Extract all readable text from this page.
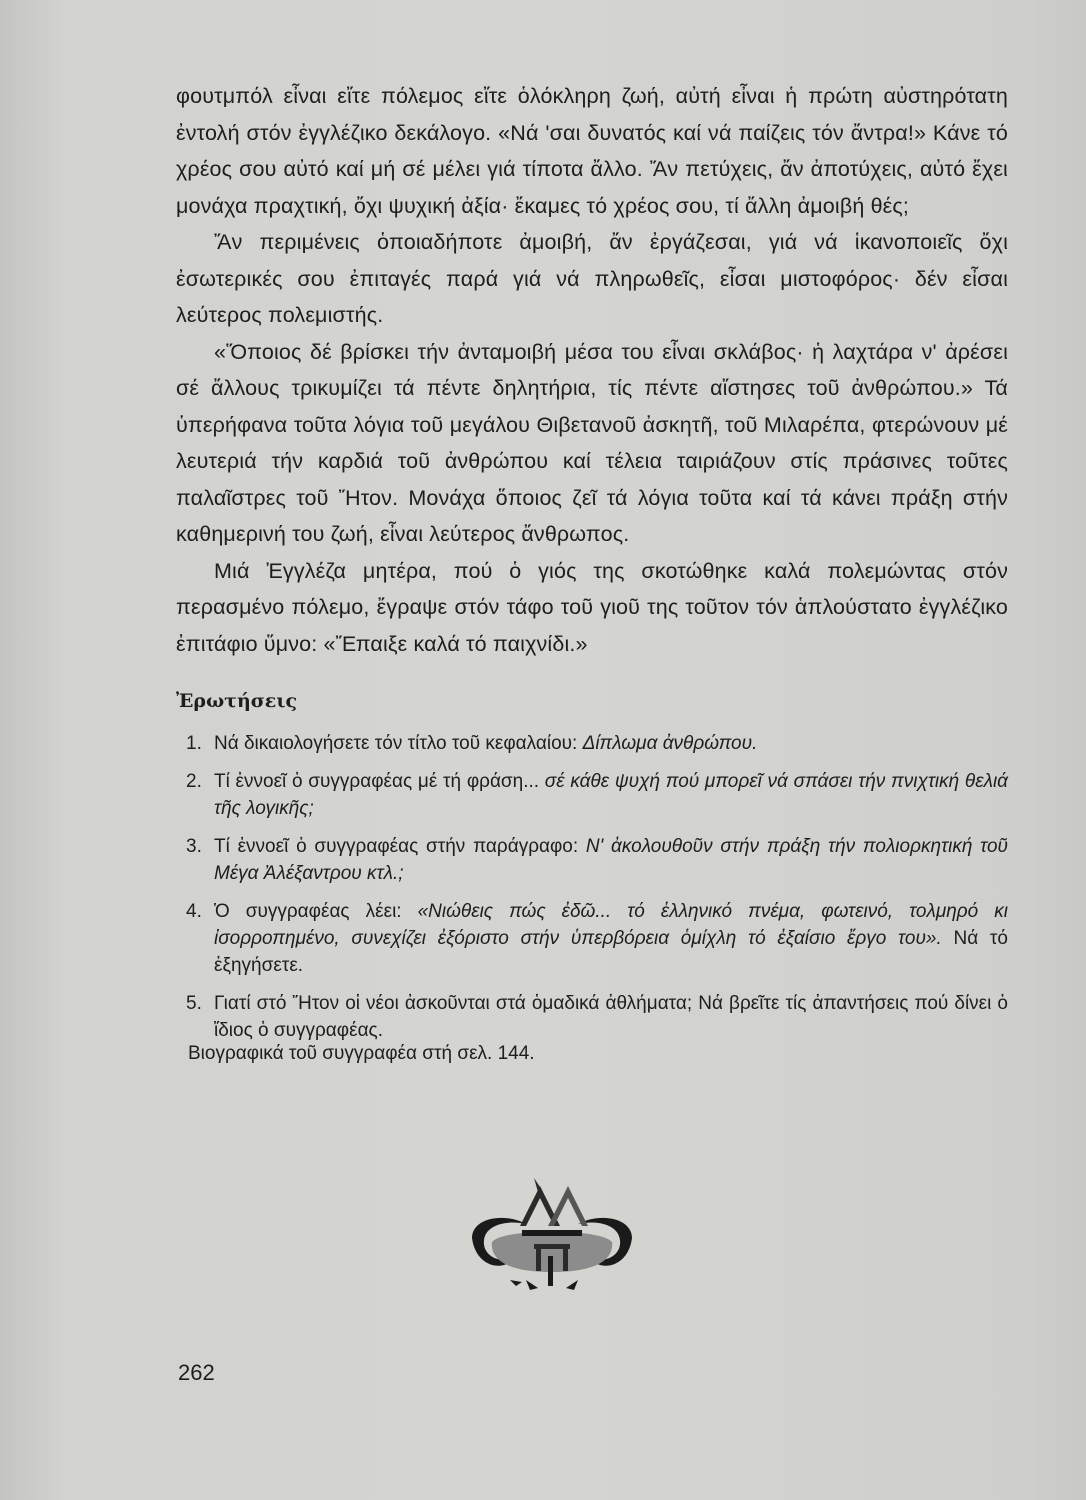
φουτμπόλ εἶναι εἴτε πόλεμος εἴτε ὁλόκληρη ζωή, αὐτή εἶναι ἡ πρώτη αὐστηρότατη ἐντολή στόν ἐγγλέζικο δεκάλογο. «Νά 'σαι δυνατός καί νά παίζεις τόν ἄντρα!» Κάνε τό χρέος σου αὐτό καί μή σέ μέλει γιά τίποτα ἄλλο. Ἄν πετύχεις, ἄν ἀποτύχεις, αὐτό ἔχει μονάχα πραχτική, ὄχι ψυχική ἀξία· ἔκαμες τό χρέος σου, τί ἄλλη ἀμοιβή θές;

Ἄν περιμένεις ὁποιαδήποτε ἀμοιβή, ἄν ἐργάζεσαι, γιά νά ἱκανοποιεῖς ὄχι ἐσωτερικές σου ἐπιταγές παρά γιά νά πληρωθεῖς, εἶσαι μιστοφόρος· δέν εἶσαι λεύτερος πολεμιστής.

«Ὅποιος δέ βρίσκει τήν ἀνταμοιβή μέσα του εἶναι σκλάβος· ἡ λαχτάρα ν' ἀρέσει σέ ἄλλους τρικυμίζει τά πέντε δηλητήρια, τίς πέντε αἴστησες τοῦ ἀνθρώπου.» Τά ὑπερήφανα τοῦτα λόγια τοῦ μεγάλου Θιβετανοῦ ἀσκητῆ, τοῦ Μιλαρέπα, φτερώνουν μέ λευτεριά τήν καρδιά τοῦ ἀνθρώπου καί τέλεια ταιριάζουν στίς πράσινες τοῦτες παλαῖστρες τοῦ Ἤτον. Μονάχα ὅποιος ζεῖ τά λόγια τοῦτα καί τά κάνει πράξη στήν καθημερινή του ζωή, εἶναι λεύτερος ἄνθρωπος.

Μιά Ἐγγλέζα μητέρα, πού ὁ γιός της σκοτώθηκε καλά πολεμώντας στόν περασμένο πόλεμο, ἔγραψε στόν τάφο τοῦ γιοῦ της τοῦτον τόν ἁπλούστατο ἐγγλέζικο ἐπιτάφιο ὕμνο: «Ἔπαιξε καλά τό παιχνίδι.»

Ἐρωτήσεις
1. Νά δικαιολογήσετε τόν τίτλο τοῦ κεφαλαίου: Δίπλωμα ἀνθρώπου.
2. Τί ἐννοεῖ ὁ συγγραφέας μέ τή φράση... σέ κάθε ψυχή πού μπορεῖ νά σπάσει τήν πνιχτική θελιά τῆς λογικῆς;
3. Τί ἐννοεῖ ὁ συγγραφέας στήν παράγραφο: Ν' ἀκολουθοῦν στήν πράξη τήν πολιορκητική τοῦ Μέγα Ἀλέξαντρου κτλ.;
4. Ὁ συγγραφέας λέει: «Νιώθεις πώς ἐδῶ... τό ἑλληνικό πνέμα, φωτεινό, τολμηρό κι ἰσορροπημένο, συνεχίζει ἐξόριστο στήν ὑπερβόρεια ὁμίχλη τό ἐξαίσιο ἔργο του». Νά τό ἐξηγήσετε.
5. Γιατί στό Ἤτον οἱ νέοι ἀσκοῦνται στά ὁμαδικά ἀθλήματα; Νά βρεῖτε τίς ἀπαντήσεις πού δίνει ὁ ἴδιος ὁ συγγραφέας.

Βιογραφικά τοῦ συγγραφέα στή σελ. 144.

262
